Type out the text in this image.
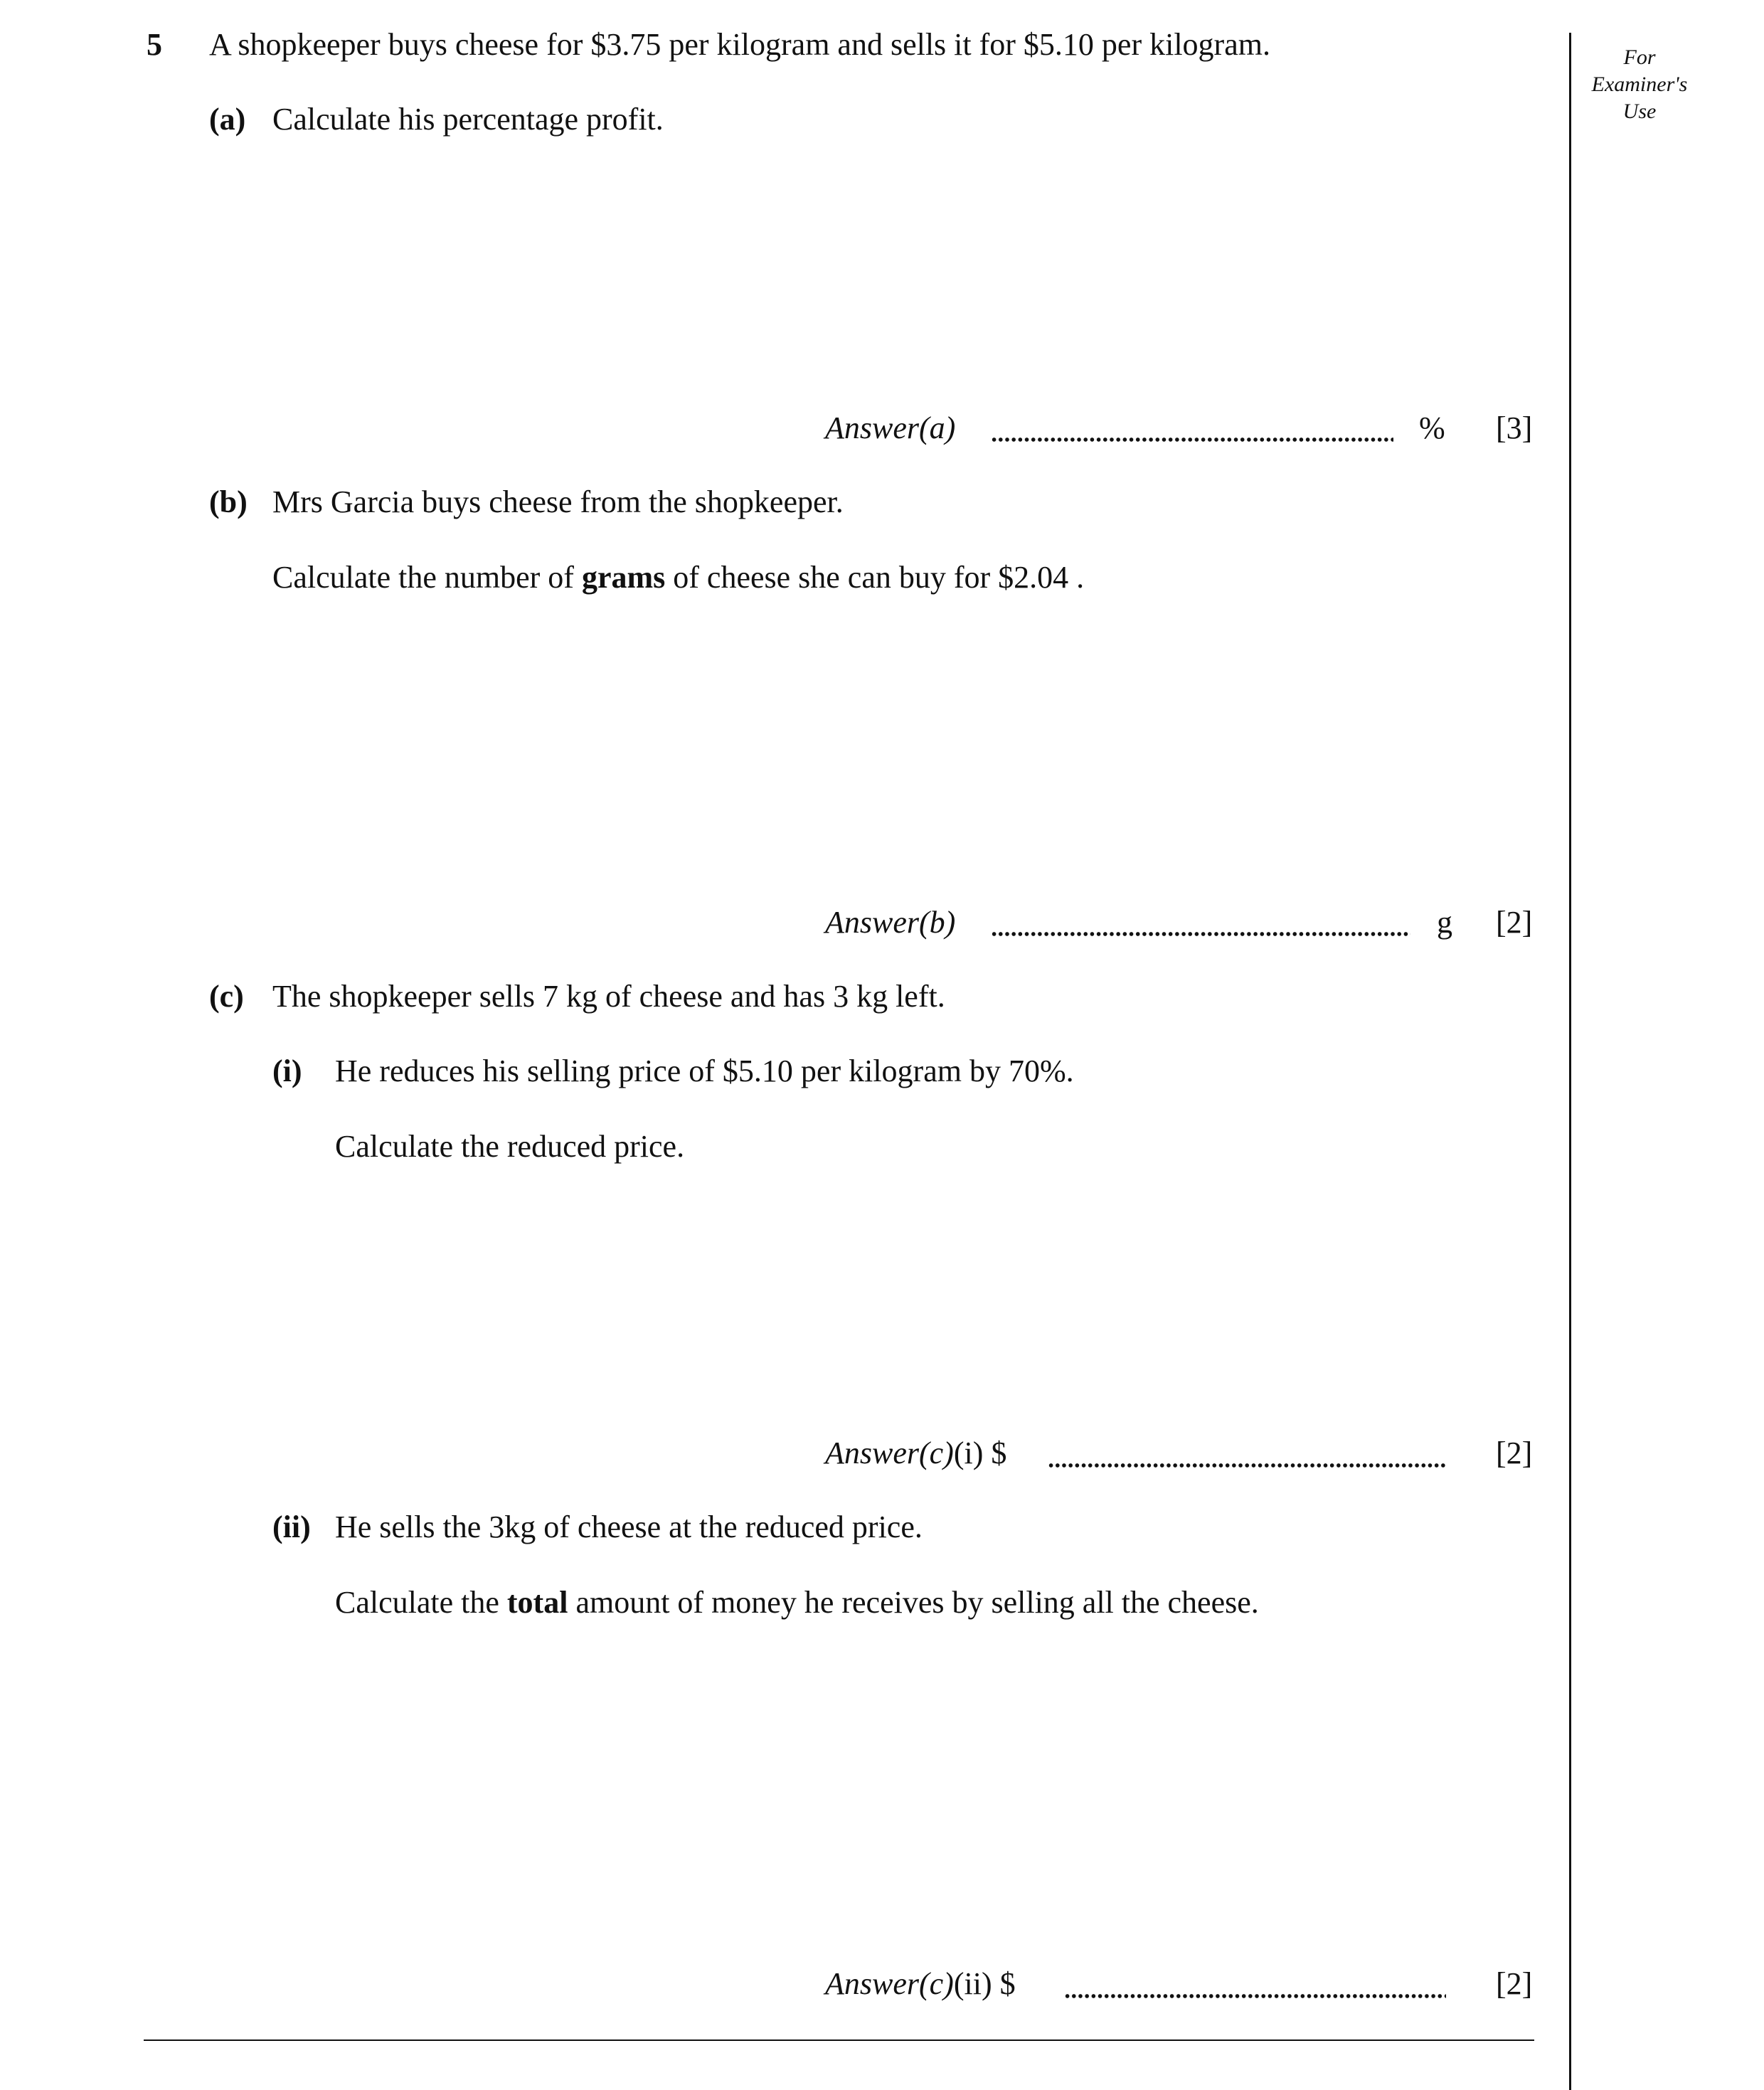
For
Examiner's
Use
5 A shopkeeper buys cheese for $3.75 per kilogram and sells it for $5.10 per kilogram.
(a) Calculate his percentage profit.
Answer(a)	% [3]
(b) Mrs Garcia buys cheese from the shopkeeper.
Calculate the number of grams of cheese she can buy for $2.04 .
Answer(b)	g [2]
(c) The shopkeeper sells 7 kg of cheese and has 3 kg left.
(i) He reduces his selling price of $5.10 per kilogram by 70%.
Calculate the reduced price.
Answer(c)(i) $	[2]
(ii) He sells the 3kg of cheese at the reduced price.
Calculate the total amount of money he receives by selling all the cheese.
Answer(c)(ii) $	[2]
